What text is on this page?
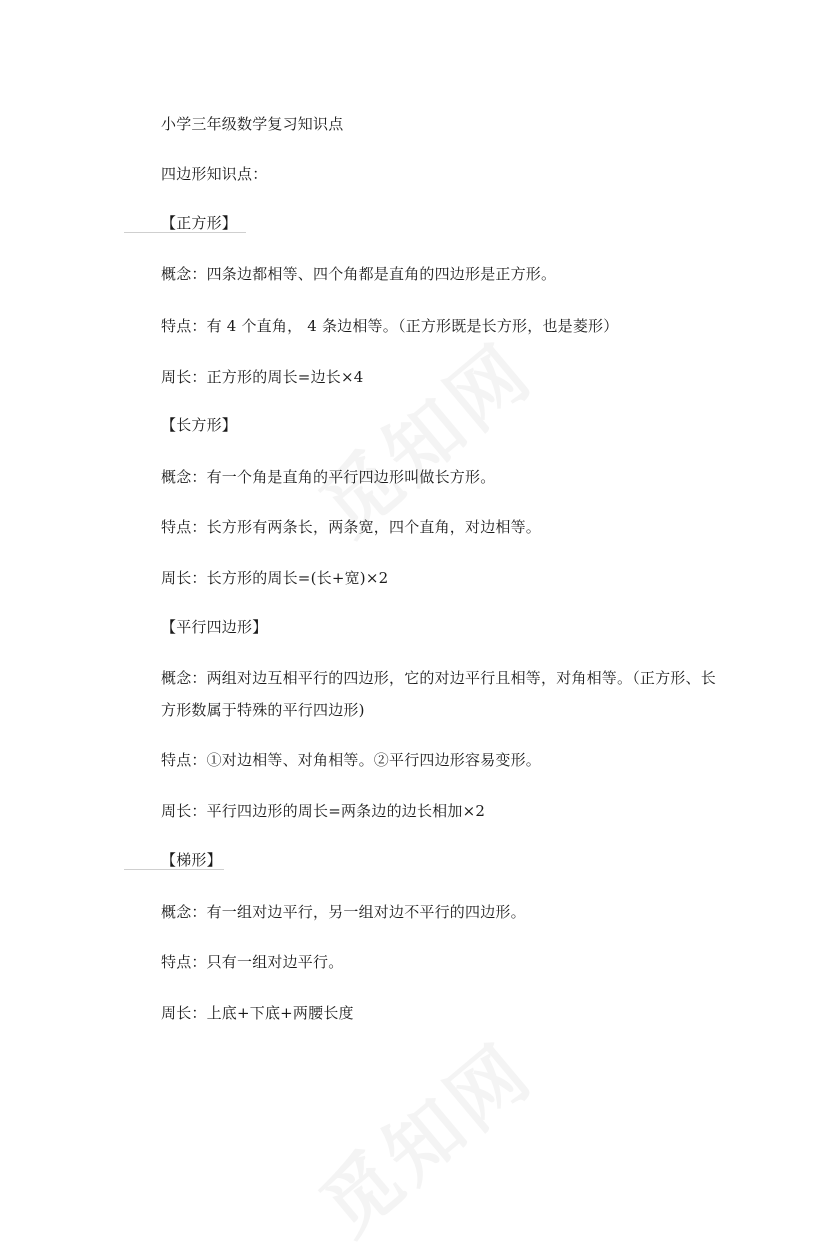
小学三年级数学复习知识点
四边形知识点：
【正方形】
概念：四条边都相等、四个角都是直角的四边形是正方形。
特点：有 4 个直角， 4 条边相等。（正方形既是长方形，也是菱形）
周长：正方形的周长=边长×4
【长方形】
概念：有一个角是直角的平行四边形叫做长方形。
特点：长方形有两条长，两条宽，四个直角，对边相等。
周长：长方形的周长=(长+宽)×2
【平行四边形】
概念：两组对边互相平行的四边形，它的对边平行且相等，对角相等。（正方形、长方形数属于特殊的平行四边形)
特点：①对边相等、对角相等。②平行四边形容易变形。
周长：平行四边形的周长=两条边的边长相加×2
【梯形】
概念：有一组对边平行，另一组对边不平行的四边形。
特点：只有一组对边平行。
周长：上底+下底+两腰长度
